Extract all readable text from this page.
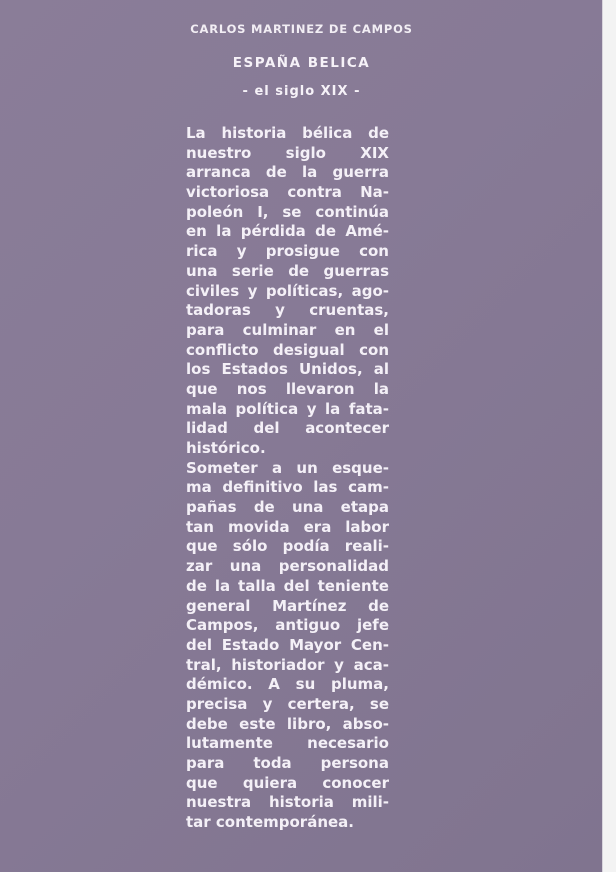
CARLOS MARTINEZ DE CAMPOS
ESPAÑA BELICA
- el siglo XIX -
La historia bélica de
nuestro siglo XIX
arranca de la guerra
victoriosa contra Na-
poleón I, se continúa
en la pérdida de Amé-
rica y prosigue con
una serie de guerras
civiles y políticas, ago-
tadoras y cruentas,
para culminar en el
conflicto desigual con
los Estados Unidos, al
que nos llevaron la
mala política y la fata-
lidad del acontecer
histórico.
Someter a un esque-
ma definitivo las cam-
pañas de una etapa
tan movida era labor
que sólo podía reali-
zar una personalidad
de la talla del teniente
general Martínez de
Campos, antiguo jefe
del Estado Mayor Cen-
tral, historiador y aca-
démico. A su pluma,
precisa y certera, se
debe este libro, abso-
lutamente necesario
para toda persona
que quiera conocer
nuestra historia mili-
tar contemporánea.
